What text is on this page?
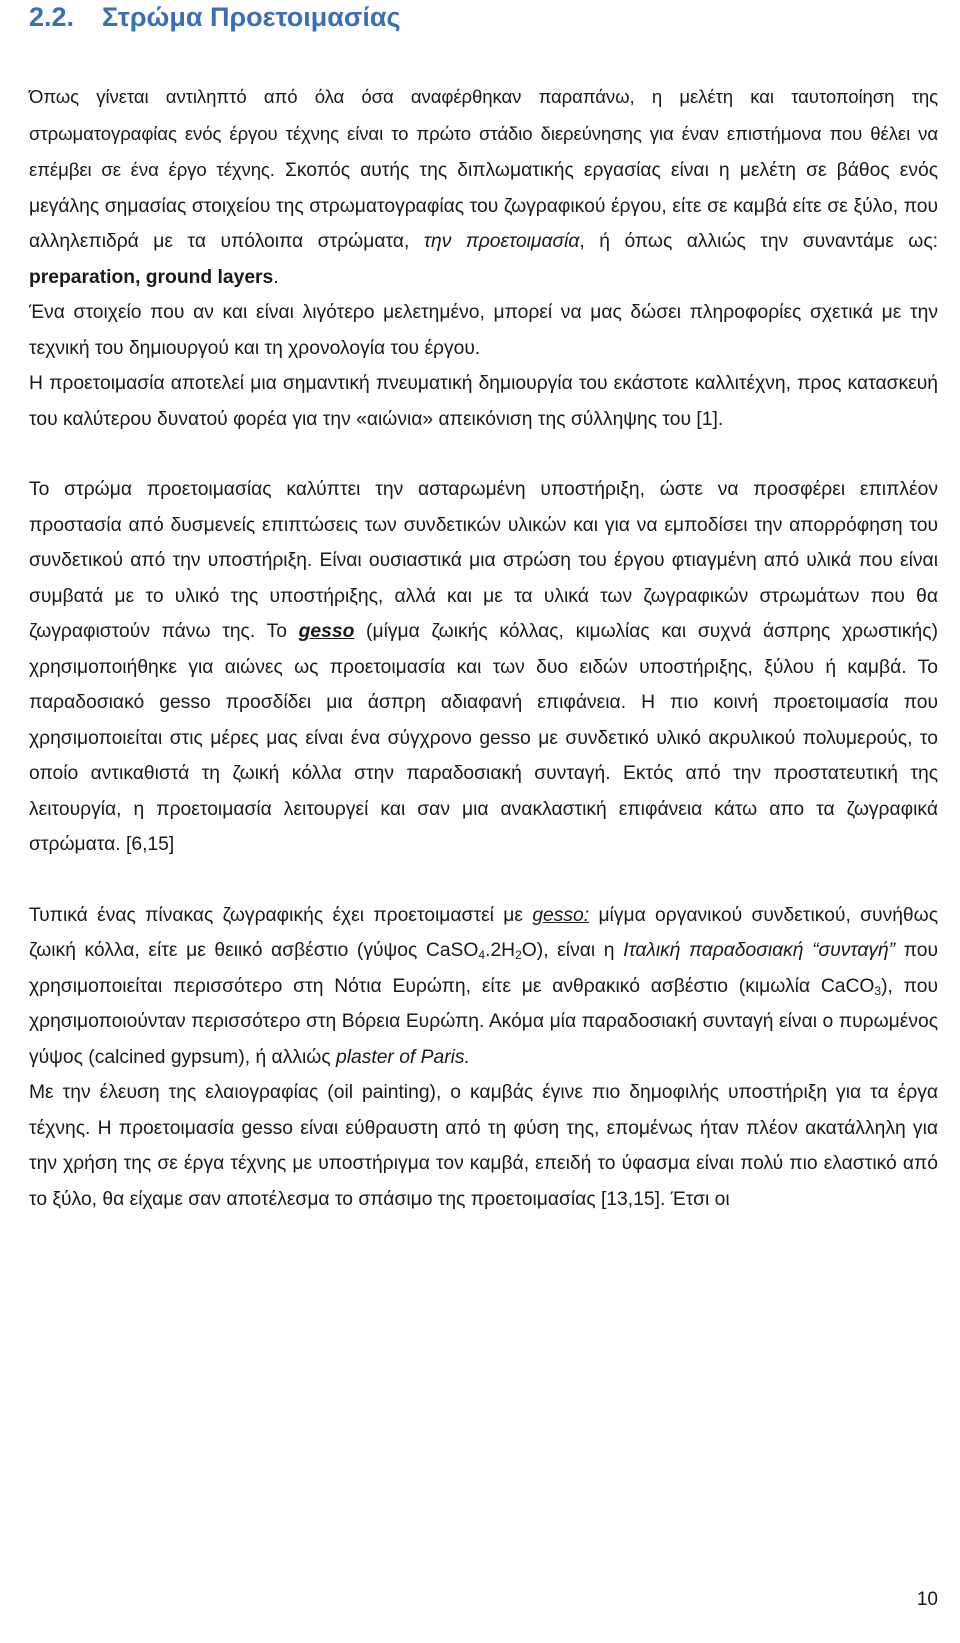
2.2. Στρώμα Προετοιμασίας

Όπως γίνεται αντιληπτό από όλα όσα αναφέρθηκαν παραπάνω, η μελέτη και ταυτοποίηση της στρωματογραφίας ενός έργου τέχνης είναι το πρώτο στάδιο διερεύνησης για έναν επιστήμονα που θέλει να επέμβει σε ένα έργο τέχνης. Σκοπός αυτής της διπλωματικής εργασίας είναι η μελέτη σε βάθος ενός μεγάλης σημασίας στοιχείου της στρωματογραφίας του ζωγραφικού έργου, είτε σε καμβά είτε σε ξύλο, που αλληλεπιδρά με τα υπόλοιπα στρώματα, την προετοιμασία, ή όπως αλλιώς την συναντάμε ως: preparation, ground layers.
Ένα στοιχείο που αν και είναι λιγότερο μελετημένο, μπορεί να μας δώσει πληροφορίες σχετικά με την τεχνική του δημιουργού και τη χρονολογία του έργου.
Η προετοιμασία αποτελεί μια σημαντική πνευματική δημιουργία του εκάστοτε καλλιτέχνη, προς κατασκευή του καλύτερου δυνατού φορέα για την «αιώνια» απεικόνιση της σύλληψης του [1].

Το στρώμα προετοιμασίας καλύπτει την ασταρωμένη υποστήριξη, ώστε να προσφέρει επιπλέον προστασία από δυσμενείς επιπτώσεις των συνδετικών υλικών και για να εμποδίσει την απορρόφηση του συνδετικού από την υποστήριξη. Είναι ουσιαστικά μια στρώση του έργου φτιαγμένη από υλικά που είναι συμβατά με το υλικό της υποστήριξης, αλλά και με τα υλικά των ζωγραφικών στρωμάτων που θα ζωγραφιστούν πάνω της. Το gesso (μίγμα ζωικής κόλλας, κιμωλίας και συχνά άσπρης χρωστικής) χρησιμοποιήθηκε για αιώνες ως προετοιμασία και των δυο ειδών υποστήριξης, ξύλου ή καμβά. Το παραδοσιακό gesso προσδίδει μια άσπρη αδιαφανή επιφάνεια. Η πιο κοινή προετοιμασία που χρησιμοποιείται στις μέρες μας είναι ένα σύγχρονο gesso με συνδετικό υλικό ακρυλικού πολυμερούς, το οποίο αντικαθιστά τη ζωική κόλλα στην παραδοσιακή συνταγή. Εκτός από την προστατευτική της λειτουργία, η προετοιμασία λειτουργεί και σαν μια ανακλαστική επιφάνεια κάτω απο τα ζωγραφικά στρώματα. [6,15]

Τυπικά ένας πίνακας ζωγραφικής έχει προετοιμαστεί με gesso: μίγμα οργανικού συνδετικού, συνήθως ζωική κόλλα, είτε με θειικό ασβέστιο (γύψος $CaSO_4.2H_2O$), είναι η Ιταλική παραδοσιακή “συνταγή” που χρησιμοποιείται περισσότερο στη Νότια Ευρώπη, είτε με ανθρακικό ασβέστιο (κιμωλία CaCO$_3$), που χρησιμοποιούνταν περισσότερο στη Βόρεια Ευρώπη. Ακόμα μία παραδοσιακή συνταγή είναι ο πυρωμένος γύψος (calcined gypsum), ή αλλιώς plaster of Paris.
Με την έλευση της ελαιογραφίας (oil painting), ο καμβάς έγινε πιο δημοφιλής υποστήριξη για τα έργα τέχνης. Η προετοιμασία gesso είναι εύθραυστη από τη φύση της, επομένως ήταν πλέον ακατάλληλη για την χρήση της σε έργα τέχνης με υποστήριγμα τον καμβά, επειδή το ύφασμα είναι πολύ πιο ελαστικό από το ξύλο, θα είχαμε σαν αποτέλεσμα το σπάσιμο της προετοιμασίας [13,15]. Έτσι οι

10
